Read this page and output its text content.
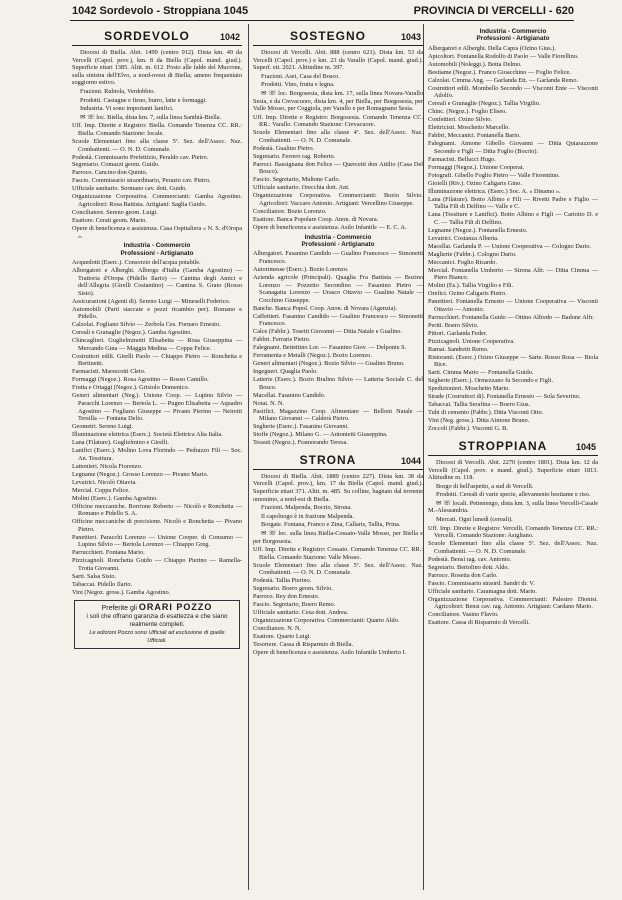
1042 Sordevolo - Stroppiana 1045	PROVINCIA DI VERCELLI - 620
SORDEVOLO	1042

Diocesi di Biella. Abit. 1499 (centro 912). Dista km. 49 da Vercelli (Capol. prov.), km. 8 da Biella (Capol. mand. giud.). Superficie ettari 1385. Altit. m. 612. Posto alle falde del Mucrone, sulla sinistra dell'Elvo, a nord-ovest di Biella; ameno frequentato soggiorno estivo.

Frazioni. Rubiola, Verdobbio.

Prodotti. Castagne e fieno, burro, latte e formaggi.

Industria. Vi sono importanti lanifici.

✉ ☏ loc. Biella, dista km. 7, sulla linea Santhià-Biella.

Uff. Imp. Dirette e Registro: Biella. Comando Tenenza CC. RR.: Biella. Comando Stazione: locale.

Scuole Elementari fino alla classe 5ª. Sez. dell'Assoc. Naz. Combattenti. — O. N. D. Comunale.

Podestà. Commissario Prefettizio, Peraldo cav. Pietro.

Segretario. Comazzi geom. Guido.

Parroco. Cancino don Quinto.

Fascio. Commissario straordinario, Perazio cav. Pietro.

Ufficiale sanitario. Sormano cav. dott. Guido.

Organizzazione Corporativa. Commercianti: Gamba Agostino. Agricoltori: Rosa Battista. Artigiani: Saglia Guido.

Conciliatore. Sereno geom. Luigi.

Esattore. Cerati geom. Mario.

Opere di beneficenza e assistenza. Casa Ospitaliera « N. S. d'Oropa ».

Industria - Commercio
Professioni - Artigianato

Acquedotti (Eserc.). Consorzio dell'acqua potabile.

Albergatori e Alberghi. Albergo d'Italia (Gamba Agostino) — Trattoria d'Oropa (Pidello Ilario) — Cantina degli Amici e dell'Allegria (Girelli Costantino) — Cantina S. Grato (Rosso Sisto).

Assicurazioni (Agenti di). Sereno Luigi — Mineselli Federico.

Automobili (Parti staccate e pezzi ricambio per). Romano e Pidello.

Calzolai. Fogliano Silvio — Zerbola Ces. Fornaro Ernesto.

Cereali e Granaglie (Negoz.). Gamba Agostino.

Chincaglieri. Guglielminotti Elisabetta — Rosa Giuseppina — Mercando Gina — Maggia Medina — Coppa Felice.

Costruttori edili. Girelli Paolo — Chiappo Pietro — Ronchetta e Bertinetti.

Farmacisti. Marescotti Cleto.

Formaggi (Negoz.). Rosa Agostino — Rosso Camillo.

Frutta e Ortaggi (Negoz.). Grisiolo Domenico.

Generi alimentari (Neg.). Unione Coop. — Lupino Silvio — Paracchi Lorenzo — Bertola L. — Pugno Elisabetta — Aquadro Agostino — Fogliano Giuseppe — Pivano Pierino — Neiretti Tersilla — Fontana Delio.

Geometri. Sereno Luigi.

Illuminazione elettrica (Eserc.). Società Elettrica Alta Italia.

Lana (Filature). Guglielmino e Girelli.

Lanifici (Eserc.). Molino Lova Florindo — Pedrazzo Fili — Soc. An. Tessitura.

Lattonieri. Nicola Fiorenzo.

Legname (Negoz.). Grosso Lorenzo — Pivano Mario.

Levatrici. Nicolò Ottavia.

Mercial. Coppa Felice.

Molini (Eserc.). Gamba Agostino.

Officine meccaniche. Borrione Roberto — Nicolò e Ronchetta — Romano e Pidello S. A.

Officine meccaniche di precisione. Nicolò e Ronchetta — Pivano Pietro.

Panettieri. Paracchi Lorenzo — Unione Cooper. di Consumo — Lupino Silvio — Bertola Lorenzo — Chiappo Greg.

Parrucchieri. Fontana Mario.

Pizzicagnoli. Ronchetta Guido — Chiappo Pierino — Ramella-Trotta Giovanni.

Sarti. Salsa Sisto.

Tabaccai. Pidello Ilario.

Vini (Negoz. gross.). Gamba Agostino.

Preferite gli ORARI POZZO
i soli che offrano garanzia di esattezza e che siano realmente completi.
Le edizioni Pozzo sono Ufficiali ad esclusione di quelle Ufficiali.
SOSTEGNO	1043

Diocesi di Vercelli. Abit. 888 (centro 621). Dista km. 53 da Vercelli (Capol. prov.) e km. 23 da Varallo (Capol. mand. giud.). Superf. ett. 2021. Altitudine m. 397.

Frazioni. Asei, Casa del Bosco.

Prodotti. Vino, frutta e legna.

✉ ☏ loc. Borgosesia, dista km. 17, sulla linea Novara-Varallo Sesia, e da Crevacuore, dista km. 4, per Biella, per Borgosesia, per Valle Mosso, per Coggiola, per Varallo e per Romagnano Sesia.

Uff. Imp. Dirette e Registro: Borgosesia. Comando Tenenza CC. RR.: Varallo. Comando Stazione: Crevacuore.

Scuole Elementari fino alla classe 4ª. Sez. dell'Assoc. Naz. Combattenti. — O. N. D. Comunale.

Podestà. Gualino Pietro.

Segretario. Ferrero rag. Roberto.

Parroci. Bassignana don Felice — Quercetti don Attilio (Casa Del Bosco).

Fascio. Segretario, Multone Carlo.

Ufficiale sanitario. Orecchia dott. Ant.

Organizzazione Corporativa. Commercianti: Bozio Silvio. Agricoltori: Vaccaro Antonio. Artigiani: Vercellino Giuseppe.

Conciliatore. Bozio Lorenzo.

Esattore. Banca Popolare Coop. Anon. di Novara.

Opere di beneficenza e assistenza. Asilo Infantile — E. C. A.

Industria - Commercio
Professioni - Artigianato

Albergatori. Fasanino Candido — Gualino Francesco — Simonetti Francesco.

Autorimesse (Eserc.). Bozio Lorenzo.

Azienda agricole (Principali). Quaglia Fra Battista — Bozino Lorenzo — Pozzetto Secondino — Fasanino Pietro — Scanagatta Lorenzo — Urasco Ottavio — Gualino Natale — Cocchino Giuseppe.

Banche. Banca Popol. Coop. Anon. di Novara (Agenzia).

Caffettieri. Fasanino Candido — Gualino Francesco — Simonetti Francesco.

Calce (Fabbr.). Tosetti Giovanni — Ditta Natale e Gualino.

Fabbri. Ferraris Pietro.

Falegnami. Bettettino Lor. — Fasanino Giov. — Delponte S.

Ferramenta e Metalli (Negoz.). Bozio Lorenzo.

Generi alimentari (Negoz.). Bozio Silvio — Gualino Bruno.

Ingegneri. Quaglia Paolo.

Latterie (Eserc.). Bozio Bralino Silvio — Latteria Sociale C. del Bosco.

Macellai. Fasanino Candido.

Notai. N. N.

Pastifici. Magazzino Coop. Alimentare — Belloni Natale — Milano Giovanni — Calderà Pietro.

Segherie (Eserc.). Fasanino Giovanni.

Stoffe (Negoz.). Milano G. — Antonietti Giuseppina.

Tessuti (Negoz.). Framorando Teresa.

STRONA	1044

Diocesi di Biella. Abit. 1889 (centro 227). Dista km. 38 da Vercelli (Capol. prov.), km. 17 da Biella (Capol. mand. giud.). Superficie ettari 371. Altit. m. 485. Su colline, bagnato dal torrente omonimo, a nord-est di Biella.

Frazioni. Malpenda, Bocrio, Strona.

Il capoluogo è in frazione Malpenda.

Borgate. Fontana, Franco e Zina, Callaris, Tallia, Prina.

✉ ☏ loc. sulla linea Biella-Cossato-Valle Mosso, per Biella e per Borgosesia.

Uff. Imp. Dirette e Registro: Cossato. Comando Tenenza CC. RR.: Biella. Comando Stazione: Valle Mosso.

Scuole Elementari fino alla classe 5ª. Sez. dell'Assoc. Naz. Combattenti. — O. N. D. Comunale.

Podestà. Tallia Pierino.

Segretario. Boero geom. Silvio.

Parroco. Rey don Ernesto.

Fascio. Segretario, Boero Remo.

Ufficiale sanitario. Cesa dott. Andrea.

Organizzazione Corporativa. Commercianti: Quarto Aldo.

Conciliatore. N. N.

Esattore. Quarto Luigi.

Tesoriere. Cassa di Risparmio di Biella.

Opere di beneficenza e assistenza. Asilo Infantile Umberto I.

Industria - Commercio
Professioni - Artigianato

Albergatori e Alberghi. Della Capra (Ozino Gius.).

Apicoltori. Fontanella Rodolfo di Paolo — Valle Fiorellino.

Automobili (Noleggi.). Botta Delmo.

Bestiame (Negoz.). Franco Gioacchino — Foglio Felice.

Calzolai. Cimma Ang. — Garlanda Ett. — Garlanda Remo.

Costruttori edili. Mombello Secondo — Visconti Ente — Visconti Adolfo.

Cereali e Granaglie (Negoz.). Tallia Virgilio.

Chinc. (Negoz.). Foglio Eliseo.

Confettieri. Ozino Silvio.

Elettricisti. Moschetto Marcello.

Fabbri, Meccanici. Fontanella Bario.

Falegnami. Aimone Gibello Giovanni — Ditta Quiarazzone Secondo e Figli — Ditta Foglio (Bocrio).

Farmacisti. Bellucci Hugo.

Formaggi (Negoz.). Unione Cooperat.

Fotografi. Gibello Foglio Pietro — Valle Fiorentino.

Gioielli (Riv.). Ozino Caligaris Gino.

Illuminazione elettrica. (Eserc.) Soc. A. « Dinamo ».

Lana (Filature). Botto Albino e Fili — Rivetti Padre e Figlio — Tallia Fili di Delfino — Valle e C.

Lana (Tessiture e Lanifici). Botto Albino e Figli — Cartotto D. e C. — Tallia Fili di Delfino.

Legname (Negoz.). Fontanella Ernesto.

Levatrici. Costanza Alberta.

Macellai. Garlanda P. — Unione Cooperativa — Cologno Dario.

Maglierie (Fabbr.). Cologno Dario.

Meccanici. Foglio Ricardo.

Mercial. Fontanella Umberto — Strona Alfr. — Ditta Cimma — Piero Bianco.

Molini (Es.). Tallia Virgilio e Fili.

Orefici. Ozino Caligaris Pietro.

Panettieri. Fontanella Ernesto — Unione Cooperativa — Visconti Ottavio — Antonio.

Parrucchieri. Fontanella Guido — Ottino Alfredo — Badone Alfr.

Periti. Boero Silvio.

Pittori. Garlanda Feder.

Pizzicagnoli. Unione Cooperativa.

Ramai. Sandretti Remo.

Ristoranti. (Eserc.) Ozino Giuseppe — Sarte. Rosso Rosa — Biola Bice.

Sarti. Cimma Mario — Fontanella Guido.

Segherie (Eserc.). Ormezzano fu Secondo e Figli.

Spedizionieri. Moschetto Mario.

Strade (Costruttori di). Fontanella Ernesto — Sola Severino.

Tabaccai. Tallia Serafina — Boero Gius.

Tubi di cemento (Fabbr.). Ditta Visconti Otto.

Vini (Neg. gross.). Ditta Aimone Bruno.

Zoccoli (Fabbr.). Visconti G. B.

STROPPIANA	1045

Diocesi di Vercelli. Abit. 2270 (centro 1801). Dista km. 12 da Vercelli (Capol. prov. e mand. giud.). Superficie ettari 1813. Altitudine m. 118.

Borgo di bell'aspetto, a sud di Vercelli.

Prodotti. Cereali di varie specie, allevamento bestiame e riso.

✉ ☏ locali. Pettenengo, dista km. 3, sulla linea Vercelli-Casale M.-Alessandria.

Mercati. Ogni lunedì (cereali).

Uff. Imp. Dirette e Registro: Vercelli. Comando Tenenza CC. RR.: Vercelli. Comando Stazione: Asigliano.

Scuole Elementari fino alla classe 5ª. Sez. dell'Assoc. Naz. Combattenti. — O. N. D. Comunale.

Podestà. Bensi rag. cav. Antonio.

Segretario. Bertolino dott. Aldo.

Parroco. Rosetta don Carlo.

Fascio. Commissario straord. Sandri dr. V.

Ufficiale sanitario. Caramagna dott. Mario.

Organizzazione Corporativa. Commercianti: Palestro Dionisi. Agricoltori: Bensi cav. rag. Antonio. Artigiani: Cardano Mario.

Conciliatore. Vasino Flavio.

Esattore. Cassa di Risparmio di Vercelli.
